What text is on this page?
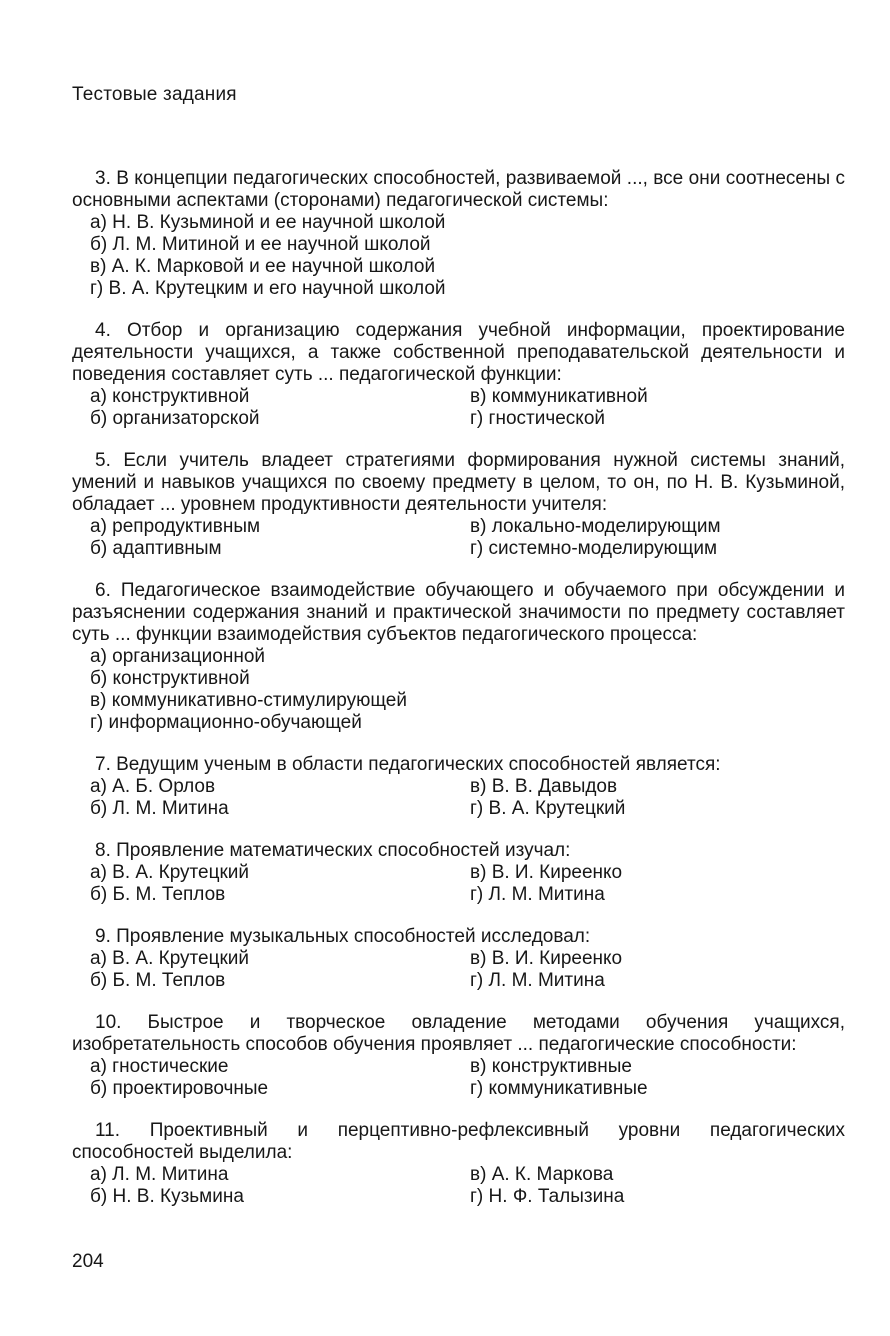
Тестовые задания

3. В концепции педагогических способностей, развиваемой ..., все они соотнесены с основными аспектами (сторонами) педагогической системы:

а) Н. В. Кузьминой и ее научной школой
б) Л. М. Митиной и ее научной школой
в) А. К. Марковой и ее научной школой
г) В. А. Крутецким и его научной школой

4. Отбор и организацию содержания учебной информации, проектирование деятельности учащихся, а также собственной преподавательской деятельности и поведения составляет суть ... педагогической функции:

а) конструктивной
б) организаторской
в) коммуникативной
г) гностической

5. Если учитель владеет стратегиями формирования нужной системы знаний, умений и навыков учащихся по своему предмету в целом, то он, по Н. В. Кузьминой, обладает ... уровнем продуктивности деятельности учителя:

а) репродуктивным
б) адаптивным
в) локально-моделирующим
г) системно-моделирующим

6. Педагогическое взаимодействие обучающего и обучаемого при обсуждении и разъяснении содержания знаний и практической значимости по предмету составляет суть ... функции взаимодействия субъектов педагогического процесса:

а) организационной
б) конструктивной
в) коммуникативно-стимулирующей
г) информационно-обучающей

7. Ведущим ученым в области педагогических способностей является:

а) А. Б. Орлов
б) Л. М. Митина
в) В. В. Давыдов
г) В. А. Крутецкий

8. Проявление математических способностей изучал:

а) В. А. Крутецкий
б) Б. М. Теплов
в) В. И. Киреенко
г) Л. М. Митина

9. Проявление музыкальных способностей исследовал:

а) В. А. Крутецкий
б) Б. М. Теплов
в) В. И. Киреенко
г) Л. М. Митина

10. Быстрое и творческое овладение методами обучения учащихся, изобретательность способов обучения проявляет ... педагогические способности:

а) гностические
б) проектировочные
в) конструктивные
г) коммуникативные

11. Проективный и перцептивно-рефлексивный уровни педагогических способностей выделила:

а) Л. М. Митина
б) Н. В. Кузьмина
в) А. К. Маркова
г) Н. Ф. Талызина
204
